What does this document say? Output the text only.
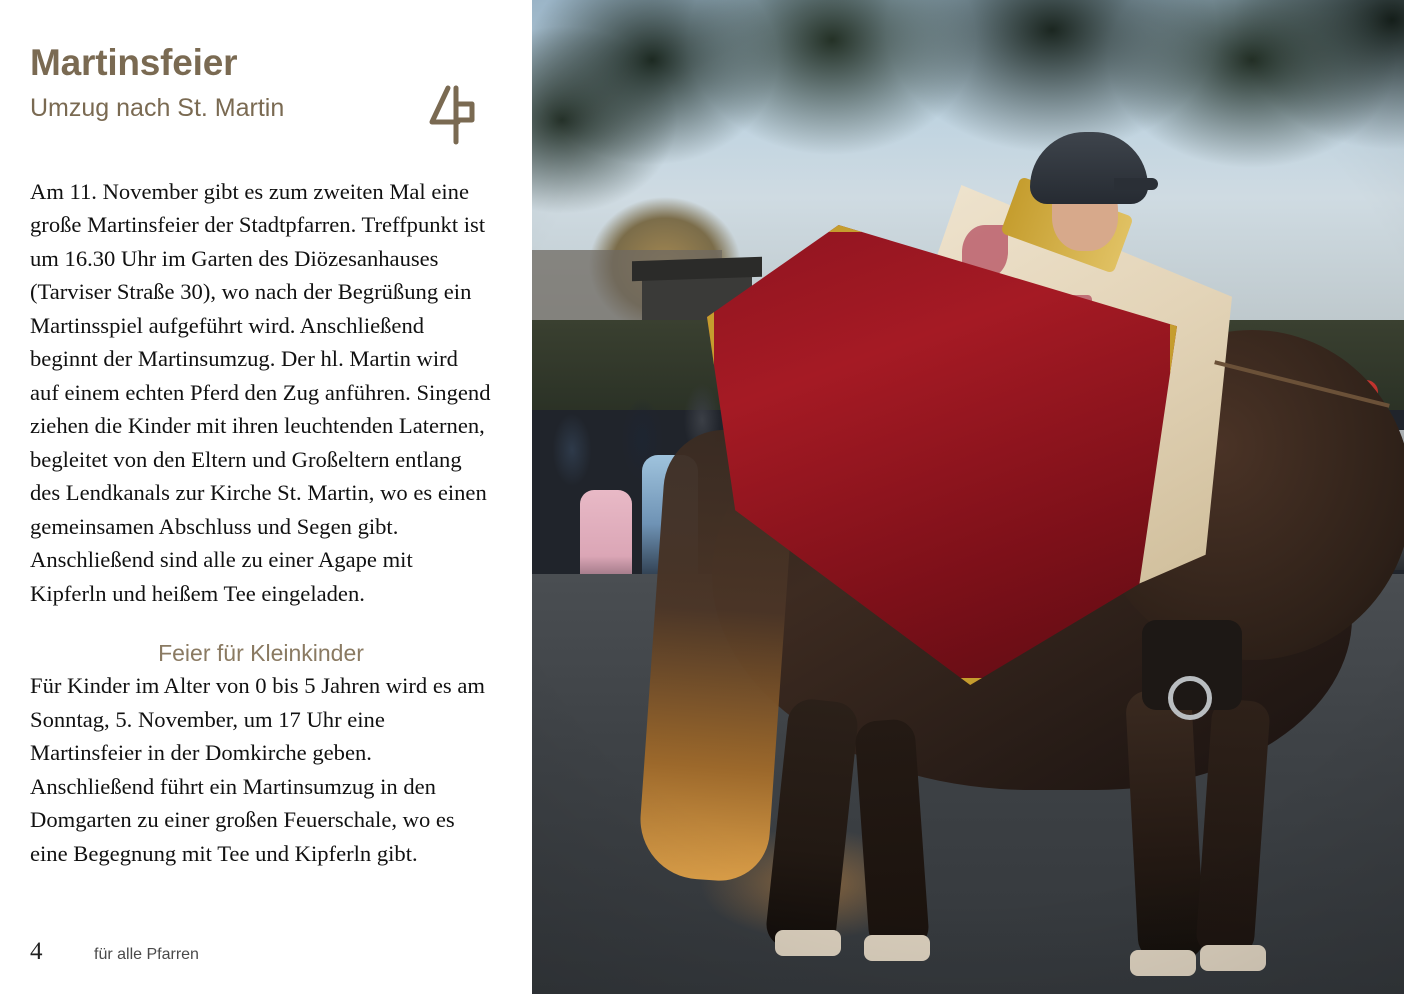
Martinsfeier
Umzug nach St. Martin

Am 11. November gibt es zum zweiten Mal eine große Martinsfeier der Stadtpfarren. Treffpunkt ist um 16.30 Uhr im Garten des Diözesanhauses (Tarviser Straße 30), wo nach der Begrüßung ein Martinsspiel aufgeführt wird. Anschließend beginnt der Martinsumzug. Der hl. Martin wird auf einem echten Pferd den Zug anführen. Singend ziehen die Kinder mit ihren leuchtenden Laternen, begleitet von den Eltern und Großeltern entlang des Lendkanals zur Kirche St. Martin, wo es einen gemeinsamen Abschluss und Segen gibt. Anschließend sind alle zu einer Agape mit Kipferln und heißem Tee eingeladen.

Feier für Kleinkinder

Für Kinder im Alter von 0 bis 5 Jahren wird es am Sonntag, 5. November, um 17 Uhr eine Martinsfeier in der Domkirche geben. Anschließend führt ein Martinsumzug in den Domgarten zu einer großen Feuerschale, wo es eine Begegnung mit Tee und Kipferln gibt.

4	für alle Pfarren
